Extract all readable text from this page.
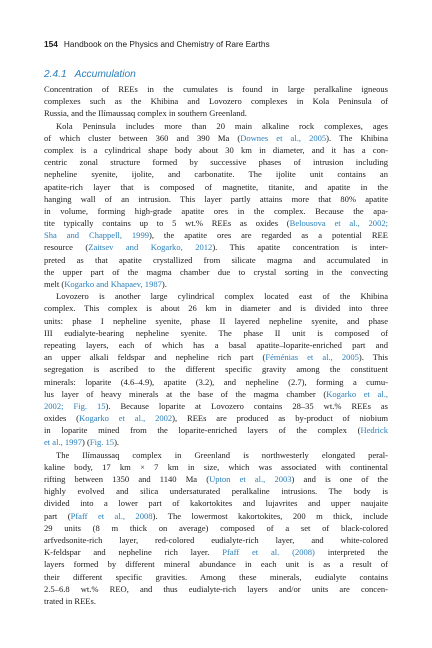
154 Handbook on the Physics and Chemistry of Rare Earths
2.4.1 Accumulation
Concentration of REEs in the cumulates is found in large peralkaline igneous
complexes such as the Khibina and Lovozero complexes in Kola Peninsula of
Russia, and the Ilímaussaq complex in southern Greenland.
Kola Peninsula includes more than 20 main alkaline rock complexes, ages
of which cluster between 360 and 390 Ma (Downes et al., 2005). The Khibina
complex is a cylindrical shape body about 30 km in diameter, and it has a con-
centric zonal structure formed by successive phases of intrusion including
nepheline syenite, ijolite, and carbonatite. The ijolite unit contains an
apatite-rich layer that is composed of magnetite, titanite, and apatite in the
hanging wall of an intrusion. This layer partly attains more that 80% apatite
in volume, forming high-grade apatite ores in the complex. Because the apa-
tite typically contains up to 5 wt.% REEs as oxides (Belousova et al., 2002;
Sha and Chappell, 1999), the apatite ores are regarded as a potential REE
resource (Zaitsev and Kogarko, 2012). This apatite concentration is inter-
preted as that apatite crystallized from silicate magma and accumulated in
the upper part of the magma chamber due to crystal sorting in the convecting
melt (Kogarko and Khapaev, 1987).
Lovozero is another large cylindrical complex located east of the Khibina
complex. This complex is about 26 km in diameter and is divided into three
units: phase I nepheline syenite, phase II layered nepheline syenite, and phase
III eudialyte-bearing nepheline syenite. The phase II unit is composed of
repeating layers, each of which has a basal apatite–loparite-enriched part and
an upper alkali feldspar and nepheline rich part (Féménias et al., 2005). This
segregation is ascribed to the different specific gravity among the constituent
minerals: loparite (4.6–4.9), apatite (3.2), and nepheline (2.7), forming a cumu-
lus layer of heavy minerals at the base of the magma chamber (Kogarko et al.,
2002; Fig. 15). Because loparite at Lovozero contains 28–35 wt.% REEs as
oxides (Kogarko et al., 2002), REEs are produced as by-product of niobium
in loparite mined from the loparite-enriched layers of the complex (Hedrick
et al., 1997) (Fig. 15).
The Ilímaussaq complex in Greenland is northwesterly elongated peral-
kaline body, 17 km × 7 km in size, which was associated with continental
rifting between 1350 and 1140 Ma (Upton et al., 2003) and is one of the
highly evolved and silica undersaturated peralkaline intrusions. The body is
divided into a lower part of kakortokites and lujavrites and upper naujaite
part (Pfaff et al., 2008). The lowermost kakortokites, 200 m thick, include
29 units (8 m thick on average) composed of a set of black-colored
arfvedsonite-rich layer, red-colored eudialyte-rich layer, and white-colored
K-feldspar and nepheline rich layer. Pfaff et al. (2008) interpreted the
layers formed by different mineral abundance in each unit is as a result of
their different specific gravities. Among these minerals, eudialyte contains
2.5–6.8 wt.% REO, and thus eudialyte-rich layers and/or units are concen-
trated in REEs.
